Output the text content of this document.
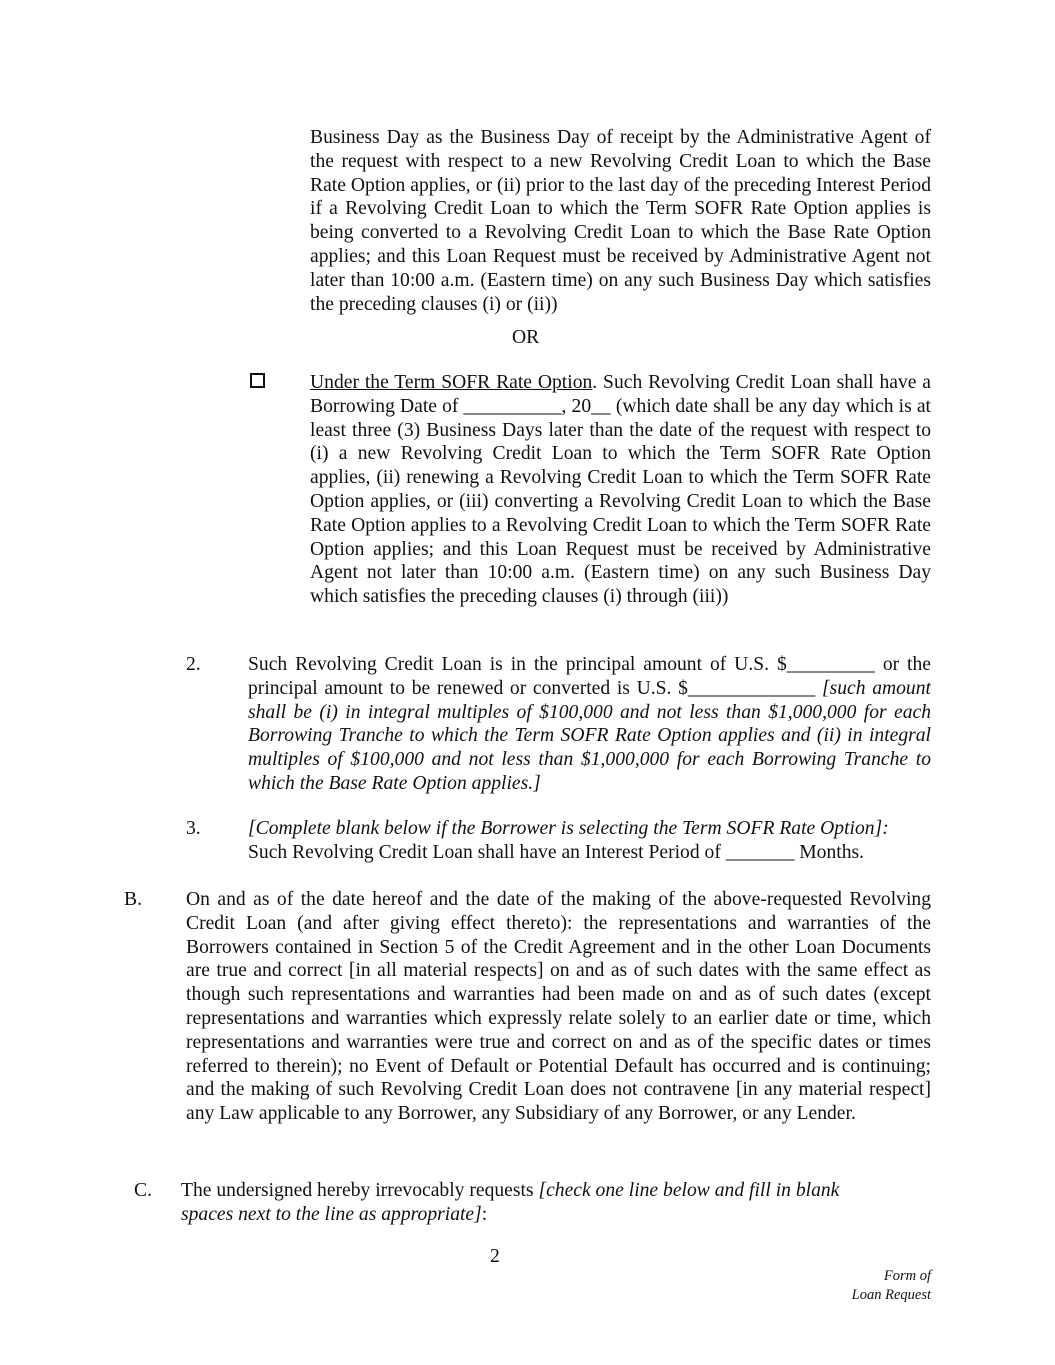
Business Day as the Business Day of receipt by the Administrative Agent of the request with respect to a new Revolving Credit Loan to which the Base Rate Option applies, or (ii) prior to the last day of the preceding Interest Period if a Revolving Credit Loan to which the Term SOFR Rate Option applies is being converted to a Revolving Credit Loan to which the Base Rate Option applies; and this Loan Request must be received by Administrative Agent not later than 10:00 a.m. (Eastern time) on any such Business Day which satisfies the preceding clauses (i) or (ii))

OR

Under the Term SOFR Rate Option. Such Revolving Credit Loan shall have a Borrowing Date of __________, 20__ (which date shall be any day which is at least three (3) Business Days later than the date of the request with respect to (i) a new Revolving Credit Loan to which the Term SOFR Rate Option applies, (ii) renewing a Revolving Credit Loan to which the Term SOFR Rate Option applies, or (iii) converting a Revolving Credit Loan to which the Base Rate Option applies to a Revolving Credit Loan to which the Term SOFR Rate Option applies; and this Loan Request must be received by Administrative Agent not later than 10:00 a.m. (Eastern time) on any such Business Day which satisfies the preceding clauses (i) through (iii))

2. Such Revolving Credit Loan is in the principal amount of U.S. $_________ or the principal amount to be renewed or converted is U.S. $_____________ [such amount shall be (i) in integral multiples of $100,000 and not less than $1,000,000 for each Borrowing Tranche to which the Term SOFR Rate Option applies and (ii) in integral multiples of $100,000 and not less than $1,000,000 for each Borrowing Tranche to which the Base Rate Option applies.]

3. [Complete blank below if the Borrower is selecting the Term SOFR Rate Option]:
Such Revolving Credit Loan shall have an Interest Period of _______ Months.
B. On and as of the date hereof and the date of the making of the above-requested Revolving Credit Loan (and after giving effect thereto): the representations and warranties of the Borrowers contained in Section 5 of the Credit Agreement and in the other Loan Documents are true and correct [in all material respects] on and as of such dates with the same effect as though such representations and warranties had been made on and as of such dates (except representations and warranties which expressly relate solely to an earlier date or time, which representations and warranties were true and correct on and as of the specific dates or times referred to therein); no Event of Default or Potential Default has occurred and is continuing; and the making of such Revolving Credit Loan does not contravene [in any material respect] any Law applicable to any Borrower, any Subsidiary of any Borrower, or any Lender.

C. The undersigned hereby irrevocably requests [check one line below and fill in blank spaces next to the line as appropriate]:

2
Form of
Loan Request
